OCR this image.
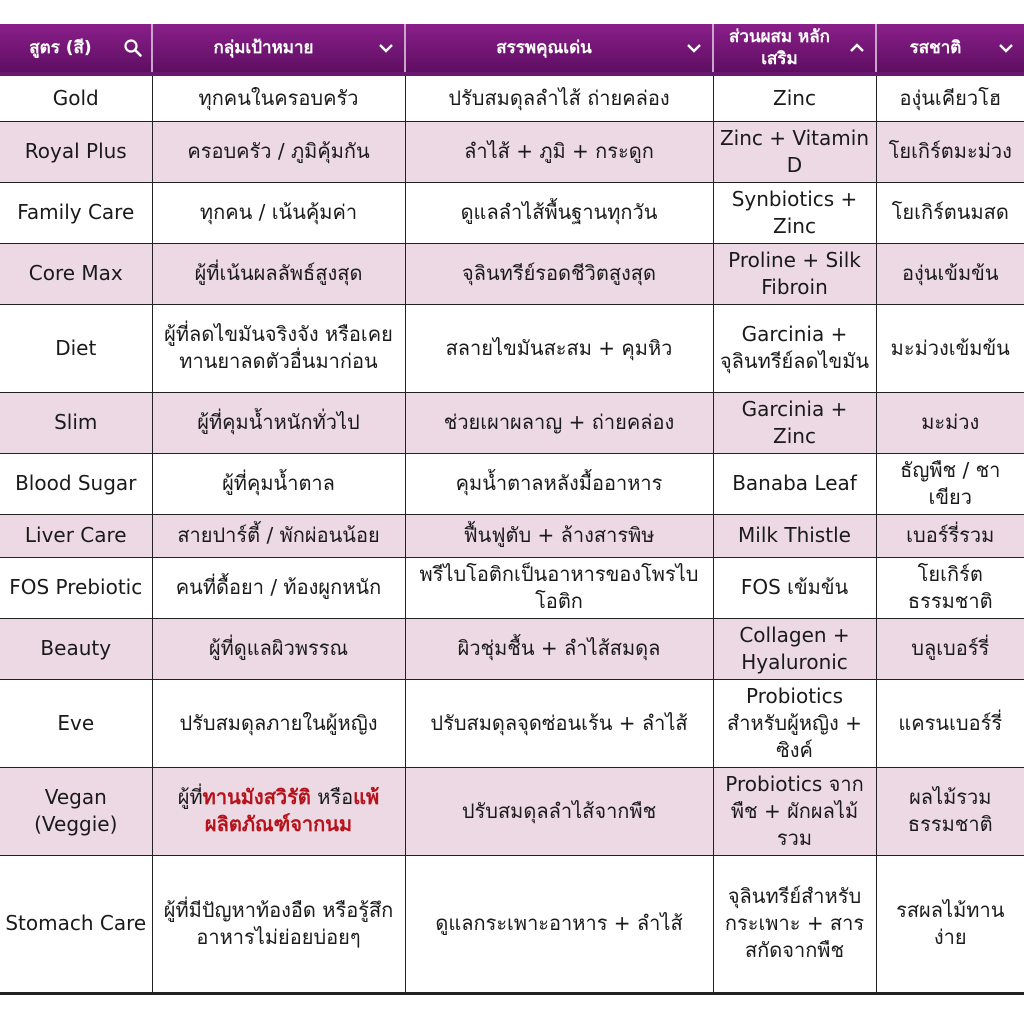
สูตร (สี)	กลุ่มเป้าหมาย	สรรพคุณเด่น	ส่วนผสม หลักเสริม	รสชาติ

Gold	ทุกคนในครอบครัว	ปรับสมดุลลำไส้ ถ่ายคล่อง	Zinc	องุ่นเคียวโฮ
Royal Plus	ครอบครัว / ภูมิคุ้มกัน	ลำไส้ + ภูมิ + กระดูก	Zinc + Vitamin D	โยเกิร์ตมะม่วง
Family Care	ทุกคน / เน้นคุ้มค่า	ดูแลลำไส้พื้นฐานทุกวัน	Synbiotics + Zinc	โยเกิร์ตนมสด
Core Max	ผู้ที่เน้นผลลัพธ์สูงสุด	จุลินทรีย์รอดชีวิตสูงสุด	Proline + Silk Fibroin	องุ่นเข้มข้น
Diet	ผู้ที่ลดไขมันจริงจัง หรือเคยทานยาลดตัวอื่นมาก่อน	สลายไขมันสะสม + คุมหิว	Garcinia + จุลินทรีย์ลดไขมัน	มะม่วงเข้มข้น
Slim	ผู้ที่คุมน้ำหนักทั่วไป	ช่วยเผาผลาญ + ถ่ายคล่อง	Garcinia + Zinc	มะม่วง
Blood Sugar	ผู้ที่คุมน้ำตาล	คุมน้ำตาลหลังมื้ออาหาร	Banaba Leaf	ธัญพืช / ชาเขียว
Liver Care	สายปาร์ตี้ / พักผ่อนน้อย	ฟื้นฟูตับ + ล้างสารพิษ	Milk Thistle	เบอร์รี่รวม
FOS Prebiotic	คนที่ดื้อยา / ท้องผูกหนัก	พรีไบโอติกเป็นอาหารของโพรไบโอติก	FOS เข้มข้น	โยเกิร์ตธรรมชาติ
Beauty	ผู้ที่ดูแลผิวพรรณ	ผิวชุ่มชื้น + ลำไส้สมดุล	Collagen + Hyaluronic	บลูเบอร์รี่
Eve	ปรับสมดุลภายในผู้หญิง	ปรับสมดุลจุดซ่อนเร้น + ลำไส้	Probiotics สำหรับผู้หญิง + ซิงค์	แครนเบอร์รี่
Vegan (Veggie)	ผู้ที่ทานมังสวิรัติ หรือแพ้ผลิตภัณฑ์จากนม	ปรับสมดุลลำไส้จากพืช	Probiotics จากพืช + ผักผลไม้รวม	ผลไม้รวมธรรมชาติ
Stomach Care	ผู้ที่มีปัญหาท้องอืด หรือรู้สึกอาหารไม่ย่อยบ่อยๆ	ดูแลกระเพาะอาหาร + ลำไส้	จุลินทรีย์สำหรับกระเพาะ + สารสกัดจากพืช	รสผลไม้ทานง่าย
